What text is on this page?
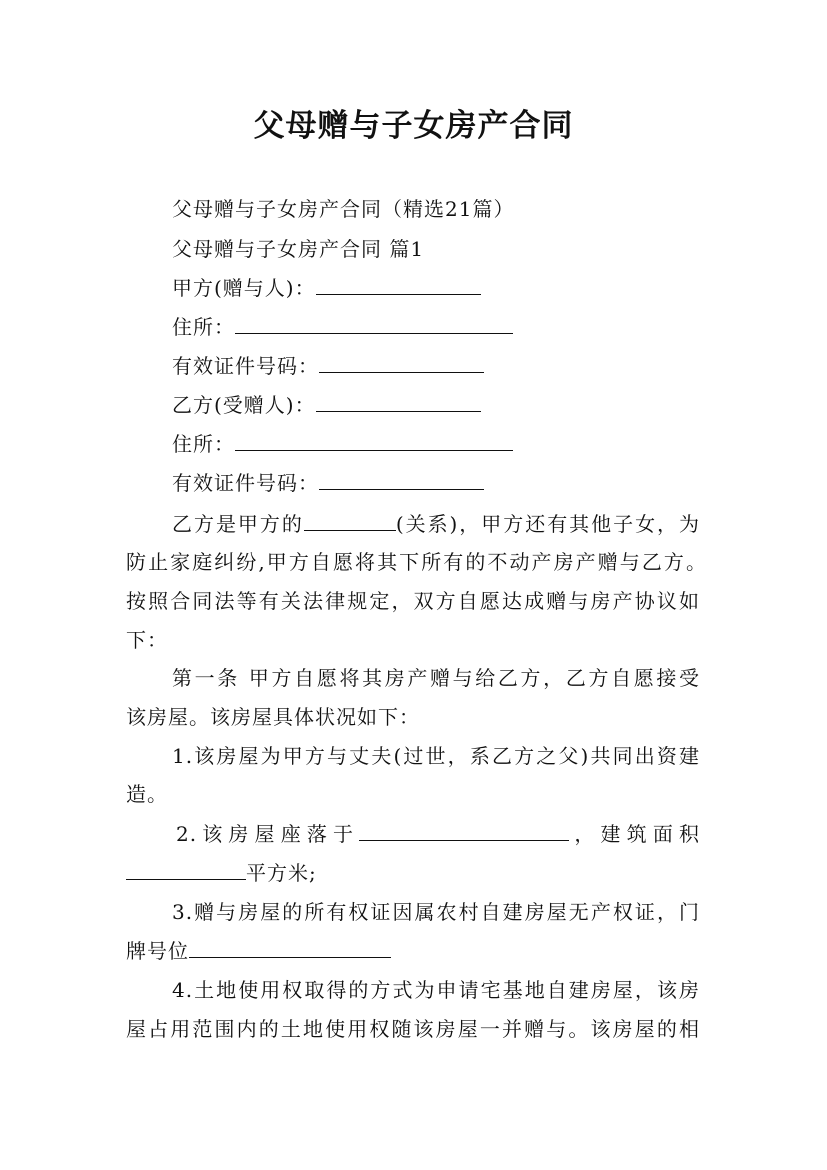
父母赠与子女房产合同
父母赠与子女房产合同（精选21篇）
父母赠与子女房产合同 篇1
甲方(赠与人)：
住所：
有效证件号码：
乙方(受赠人)：
住所：
有效证件号码：
乙方是甲方的	(关系)，甲方还有其他子女，为
防止家庭纠纷,甲方自愿将其下所有的不动产房产赠与乙方。
按照合同法等有关法律规定，双方自愿达成赠与房产协议如
下：
第一条 甲方自愿将其房产赠与给乙方，乙方自愿接受
该房屋。该房屋具体状况如下：
1.该房屋为甲方与丈夫(过世，系乙方之父)共同出资建
造。
2.该房屋座落于	，建筑面积
平方米;
3.赠与房屋的所有权证因属农村自建房屋无产权证，门
牌号位
4.土地使用权取得的方式为申请宅基地自建房屋，该房
屋占用范围内的土地使用权随该房屋一并赠与。该房屋的相
